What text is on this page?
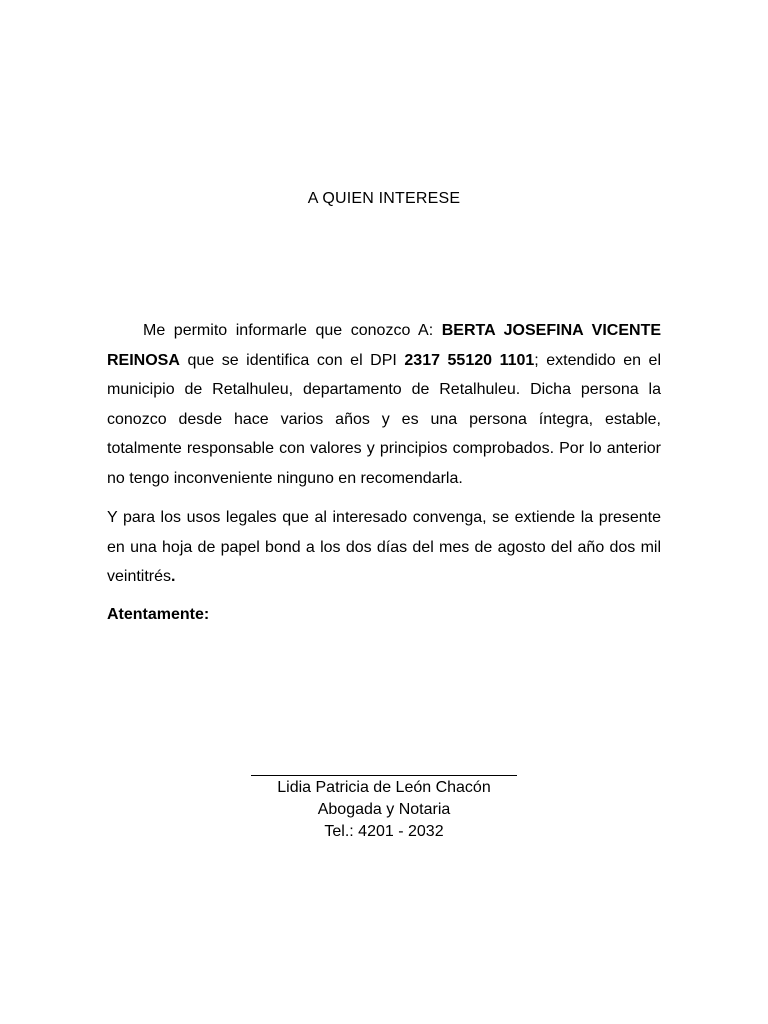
A QUIEN INTERESE
Me permito informarle que conozco A: BERTA JOSEFINA VICENTE REINOSA que se identifica con el DPI 2317 55120 1101; extendido en el municipio de Retalhuleu, departamento de Retalhuleu. Dicha persona la conozco desde hace varios años y es una persona íntegra, estable, totalmente responsable con valores y principios comprobados. Por lo anterior no tengo inconveniente ninguno en recomendarla.
Y para los usos legales que al interesado convenga, se extiende la presente en una hoja de papel bond a los dos días del mes de agosto del año dos mil veintitrés.
Atentamente:
Lidia Patricia de León Chacón
Abogada y Notaria
Tel.: 4201 - 2032
